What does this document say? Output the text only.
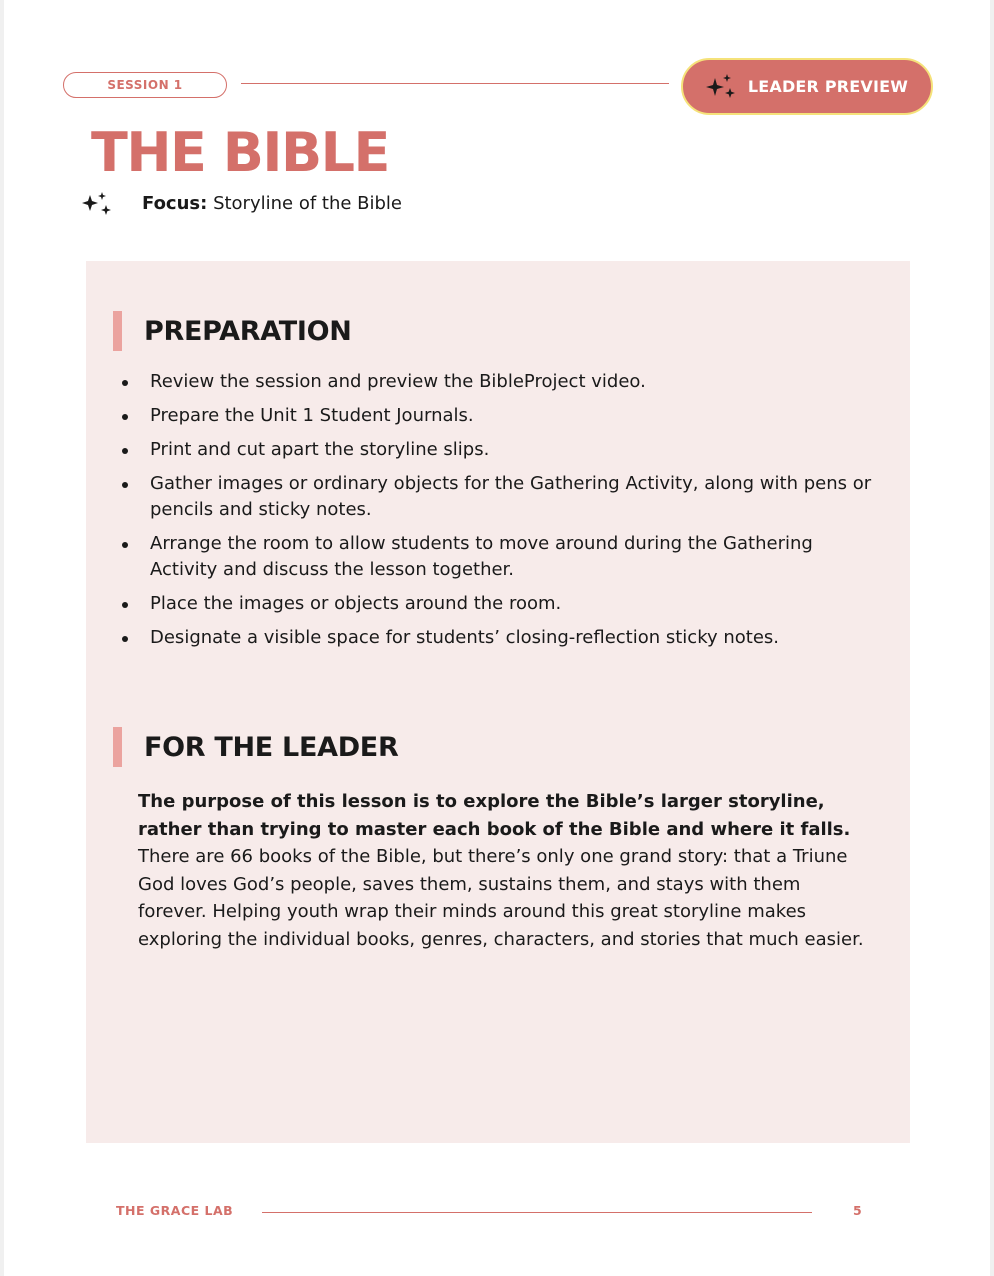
SESSION 1	LEADER PREVIEW
THE BIBLE
Focus: Storyline of the Bible
PREPARATION
Review the session and preview the BibleProject video.
Prepare the Unit 1 Student Journals.
Print and cut apart the storyline slips.
Gather images or ordinary objects for the Gathering Activity, along with pens or pencils and sticky notes.
Arrange the room to allow students to move around during the Gathering Activity and discuss the lesson together.
Place the images or objects around the room.
Designate a visible space for students’ closing-reflection sticky notes.
FOR THE LEADER

The purpose of this lesson is to explore the Bible’s larger storyline, rather than trying to master each book of the Bible and where it falls. There are 66 books of the Bible, but there’s only one grand story: that a Triune God loves God’s people, saves them, sustains them, and stays with them forever. Helping youth wrap their minds around this great storyline makes exploring the individual books, genres, characters, and stories that much easier.

THE GRACE LAB	5
